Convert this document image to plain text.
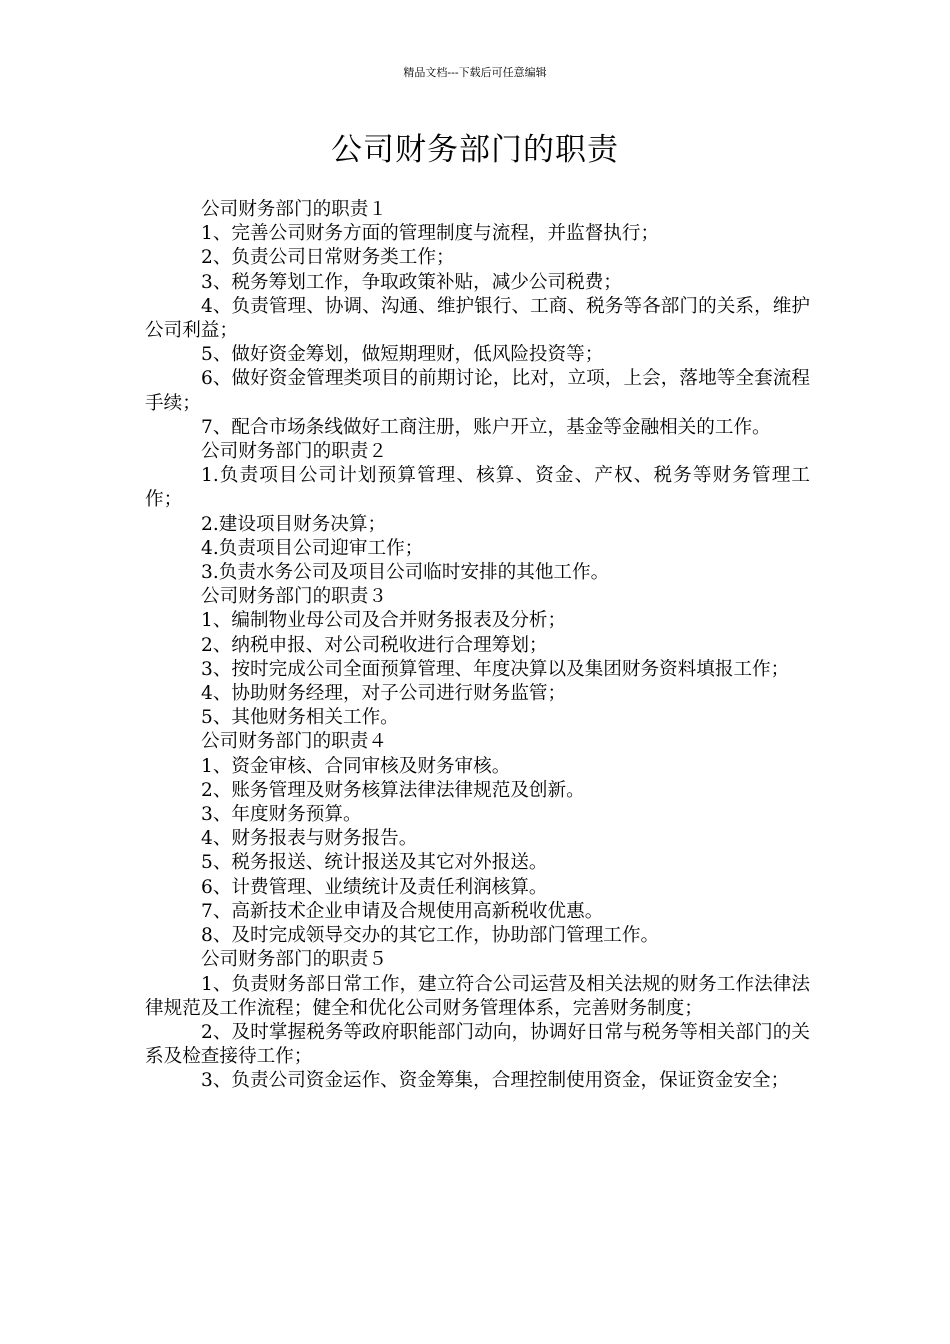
精品文档---下载后可任意编辑
公司财务部门的职责

公司财务部门的职责１

1、完善公司财务方面的管理制度与流程，并监督执行；

2、负责公司日常财务类工作；

3、税务筹划工作，争取政策补贴，减少公司税费；

4、负责管理、协调、沟通、维护银行、工商、税务等各部门的关系，维护公司利益；

5、做好资金筹划，做短期理财，低风险投资等；

6、做好资金管理类项目的前期讨论，比对，立项，上会，落地等全套流程手续；

7、配合市场条线做好工商注册，账户开立，基金等金融相关的工作。

公司财务部门的职责２

1.负责项目公司计划预算管理、核算、资金、产权、税务等财务管理工作；

2.建设项目财务决算；

4.负责项目公司迎审工作；

3.负责水务公司及项目公司临时安排的其他工作。

公司财务部门的职责３

1、编制物业母公司及合并财务报表及分析；

2、纳税申报、对公司税收进行合理筹划；

3、按时完成公司全面预算管理、年度决算以及集团财务资料填报工作；

4、协助财务经理，对子公司进行财务监管；

5、其他财务相关工作。

公司财务部门的职责４

1、资金审核、合同审核及财务审核。

2、账务管理及财务核算法律法律规范及创新。

3、年度财务预算。

4、财务报表与财务报告。

5、税务报送、统计报送及其它对外报送。

6、计费管理、业绩统计及责任利润核算。

7、高新技术企业申请及合规使用高新税收优惠。

8、及时完成领导交办的其它工作，协助部门管理工作。

公司财务部门的职责５

1、负责财务部日常工作，建立符合公司运营及相关法规的财务工作法律法律规范及工作流程；健全和优化公司财务管理体系，完善财务制度；

2、及时掌握税务等政府职能部门动向，协调好日常与税务等相关部门的关系及检查接待工作；

3、负责公司资金运作、资金筹集，合理控制使用资金，保证资金安全；
